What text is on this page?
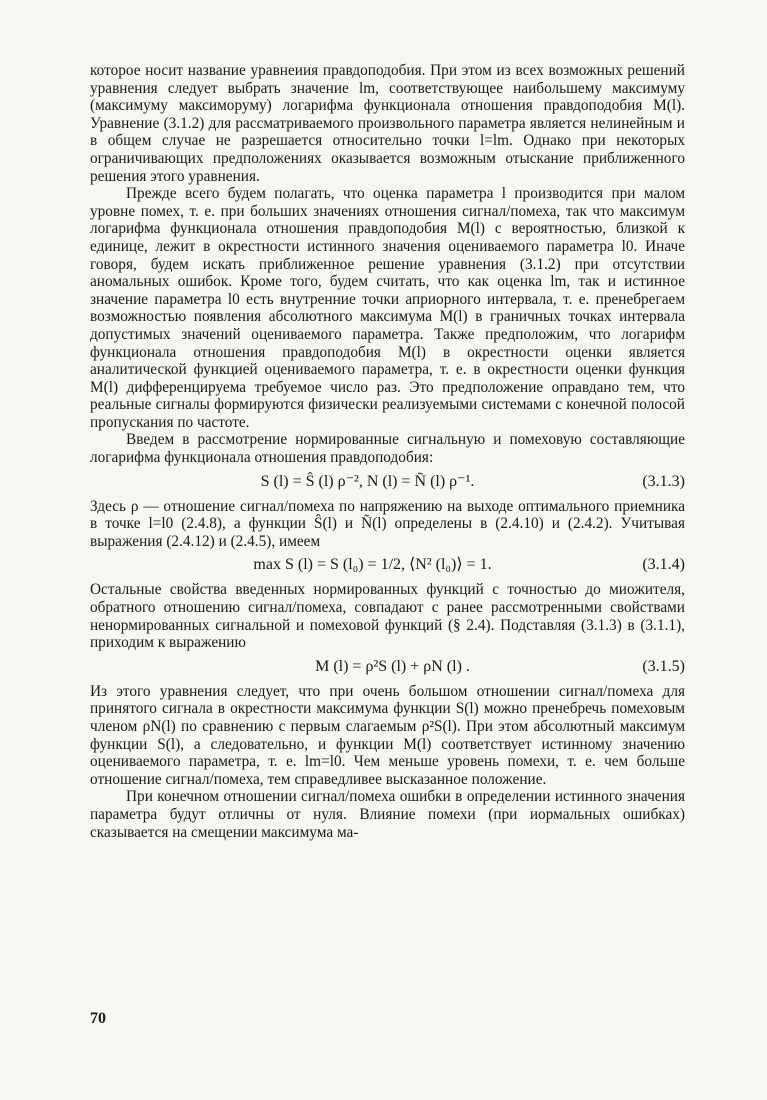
которое носит название уравнеиия правдоподобия. При этом из всех возможных решений уравнения следует выбрать значение lm, соответствующее наибольшему максимуму (максимуму максиморуму) логарифма функционала отношения правдоподобия M(l). Уравнение (3.1.2) для рассматриваемого произвольного параметра является нелинейным и в общем случае не разрешается относительно точки l=lm. Однако при некоторых ограничивающих предположениях оказывается возможным отыскание приближенного решения этого уравнения.

Прежде всего будем полагать, что оценка параметра l производится при малом уровне помех, т. е. при больших значениях отношения сигнал/помеха, так что максимум логарифма функционала отношения правдоподобия M(l) с вероятностью, близкой к единице, лежит в окрестности истинного значения оцениваемого параметра l0. Иначе говоря, будем искать приближенное решение уравнения (3.1.2) при отсутствии аномальных ошибок. Кроме того, будем считать, что как оценка lm, так и истинное значение параметра l0 есть внутренние точки априорного интервала, т. е. пренебрегаем возможностью появления абсолютного максимума M(l) в граничных точках интервала допустимых значений оцениваемого параметра. Также предположим, что логарифм функционала отношения правдоподобия M(l) в окрестности оценки является аналитической функцией оцениваемого параметра, т. е. в окрестности оценки функция M(l) дифференцируема требуемое число раз. Это предположение оправдано тем, что реальные сигналы формируются физически реализуемыми системами с конечной полосой пропускания по частоте.

Введем в рассмотрение нормированные сигнальную и помеховую составляющие логарифма функционала отношения правдоподобия:

S (l) = Ŝ (l) ρ⁻², N (l) = Ñ (l) ρ⁻¹.	(3.1.3)

Здесь ρ — отношение сигнал/помеха по напряжению на выходе оптимального приемника в точке l=l0 (2.4.8), а функции Ŝ(l) и Ñ(l) определены в (2.4.10) и (2.4.2). Учитывая выражения (2.4.12) и (2.4.5), имеем

max S (l) = S (l₀) = 1/2, ⟨N² (l₀)⟩ = 1.	(3.1.4)

Остальные свойства введенных нормированных функций с точностью до миожителя, обратного отношению сигнал/помеха, совпадают с ранее рассмотренными свойствами ненормированных сигнальной и помеховой функций (§ 2.4). Подставляя (3.1.3) в (3.1.1), приходим к выражению

M (l) = ρ²S (l) + ρN (l) .	(3.1.5)

Из этого уравнения следует, что при очень большом отношении сигнал/помеха для принятого сигнала в окрестности максимума функции S(l) можно пренебречь помеховым членом ρN(l) по сравнению с первым слагаемым ρ²S(l). При этом абсолютный максимум функции S(l), а следовательно, и функции M(l) соответствует истинному значению оцениваемого параметра, т. е. lm=l0. Чем меньше уровень помехи, т. е. чем больше отношение сигнал/помеха, тем справедливее высказанное положение.

При конечном отношении сигнал/помеха ошибки в определении истинного значения параметра будут отличны от нуля. Влияние помехи (при иормальных ошибках) сказывается на смещении максимума ма-

70
